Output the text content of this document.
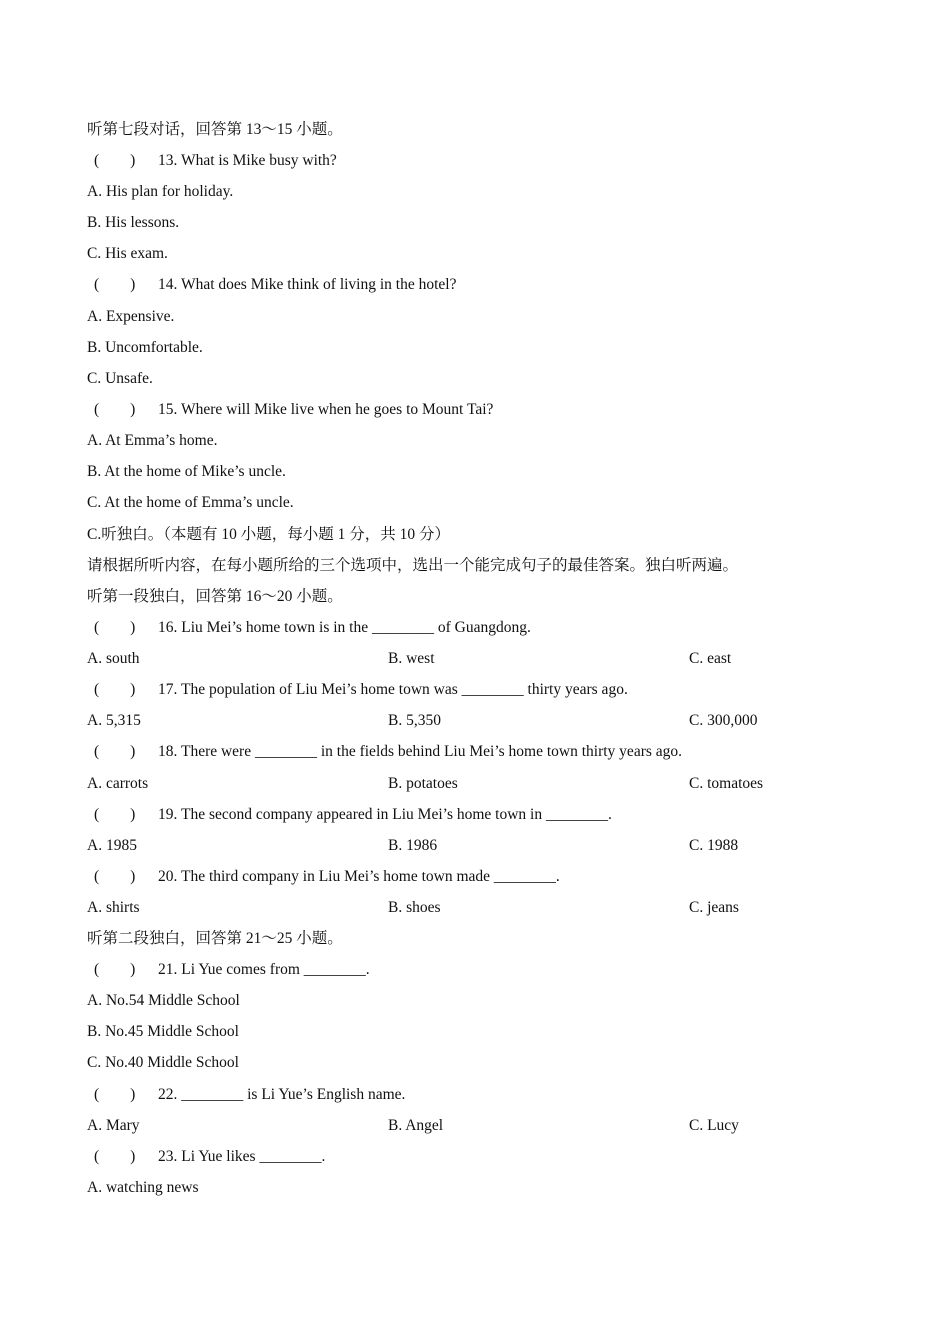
听第七段对话，回答第 13～15 小题。
(　　) 13. What is Mike busy with?
A. His plan for holiday.
B. His lessons.
C. His exam.
(　　) 14. What does Mike think of living in the hotel?
A. Expensive.
B. Uncomfortable.
C. Unsafe.
(　　) 15. Where will Mike live when he goes to Mount Tai?
A. At Emma’s home.
B. At the home of Mike’s uncle.
C. At the home of Emma’s uncle.
C.听独白。（本题有 10 小题，每小题 1 分，共 10 分）
请根据所听内容，在每小题所给的三个选项中，选出一个能完成句子的最佳答案。独白听两遍。
听第一段独白，回答第 16～20 小题。
(　　) 16. Liu Mei’s home town is in the ________ of Guangdong.
A. south	B. west	C. east
(　　) 17. The population of Liu Mei’s home town was ________ thirty years ago.
A. 5,315	B. 5,350	C. 300,000
(　　) 18. There were ________ in the fields behind Liu Mei’s home town thirty years ago.
A. carrots	B. potatoes	C. tomatoes
(　　) 19. The second company appeared in Liu Mei’s home town in ________.
A. 1985	B. 1986	C. 1988
(　　) 20. The third company in Liu Mei’s home town made ________.
A. shirts	B. shoes	C. jeans
听第二段独白，回答第 21～25 小题。
(　　) 21. Li Yue comes from ________.
A. No.54 Middle School
B. No.45 Middle School
C. No.40 Middle School
(　　) 22. ________ is Li Yue’s English name.
A. Mary	B. Angel	C. Lucy
(　　) 23. Li Yue likes ________.
A. watching news
